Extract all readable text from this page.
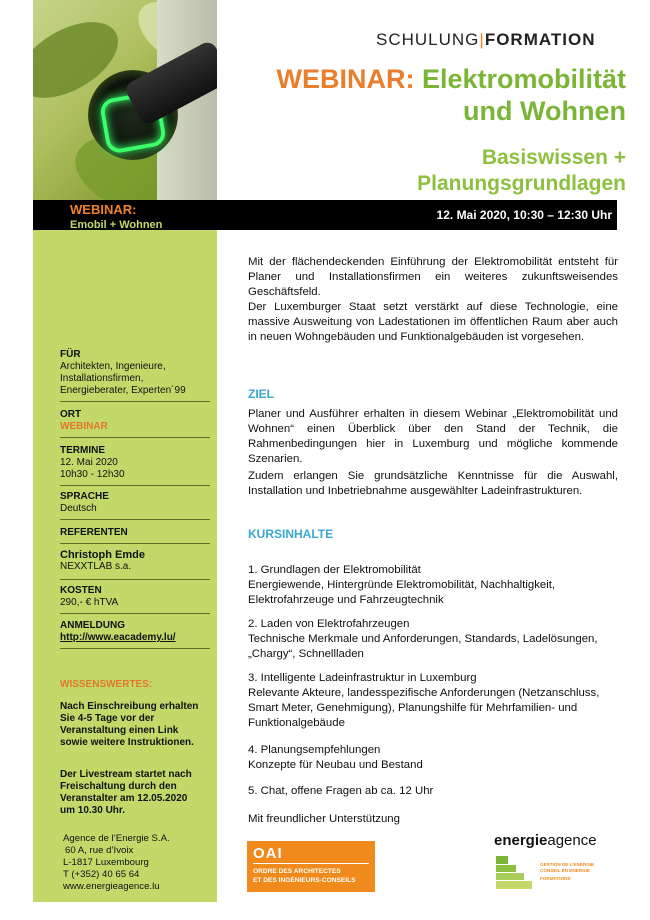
SCHULUNG|FORMATION
WEBINAR: Elektromobilität
und Wohnen
Basiswissen +
Planungsgrundlagen
WEBINAR:
Emobil + Wohnen
12. Mai 2020, 10:30 – 12:30 Uhr
FÜR
Architekten, Ingenieure, Installationsfirmen, Energieberater, Experten´99
ORT
WEBINAR
TERMINE
12. Mai 2020
10h30 - 12h30
SPRACHE
Deutsch
REFERENTEN
Christoph Emde
NEXXTLAB s.a.
KOSTEN
290,- € hTVA
ANMELDUNG
http://www.eacademy.lu/
WISSENSWERTES:
Nach Einschreibung erhalten Sie 4-5 Tage vor der Veranstaltung einen Link sowie weitere Instruktionen.
Der Livestream startet nach Freischaltung durch den Veranstalter am 12.05.2020 um 10.30 Uhr.
Agence de l’Energie S.A.
60 A, rue d’Ivoix
L-1817 Luxembourg
T (+352) 40 65 64
www.energieagence.lu
Mit der flächendeckenden Einführung der Elektromobilität entsteht für Planer und Installationsfirmen ein weiteres zukunftsweisendes Geschäftsfeld.
Der Luxemburger Staat setzt verstärkt auf diese Technologie, eine massive Ausweitung von Ladestationen im öffentlichen Raum aber auch in neuen Wohngebäuden und Funktionalgebäuden ist vorgesehen.
ZIEL
Planer und Ausführer erhalten in diesem Webinar „Elektromobilität und Wohnen“ einen Überblick über den Stand der Technik, die Rahmenbedingungen hier in Luxemburg und mögliche kommende Szenarien.
Zudem erlangen Sie grundsätzliche Kenntnisse für die Auswahl, Installation und Inbetriebnahme ausgewählter Ladeinfrastrukturen.
KURSINHALTE
1. Grundlagen der Elektromobilität
Energiewende, Hintergründe Elektromobilität, Nachhaltigkeit, Elektrofahrzeuge und Fahrzeugtechnik
2. Laden von Elektrofahrzeugen
Technische Merkmale und Anforderungen, Standards, Ladelösungen, „Chargy“, Schnellladen
3. Intelligente Ladeinfrastruktur in Luxemburg
Relevante Akteure, landesspezifische Anforderungen (Netzanschluss, Smart Meter, Genehmigung), Planungshilfe für Mehrfamilien- und Funktionalgebäude
4. Planungsempfehlungen
Konzepte für Neubau und Bestand
5. Chat, offene Fragen ab ca. 12 Uhr
Mit freundlicher Unterstützung
OAI
ORDRE DES ARCHITECTES
ET DES INGÉNIEURS-CONSEILS
energieagence
GESTION DE L’ENERGIE
CONSEIL EN ENERGIE
FORMATIONS
